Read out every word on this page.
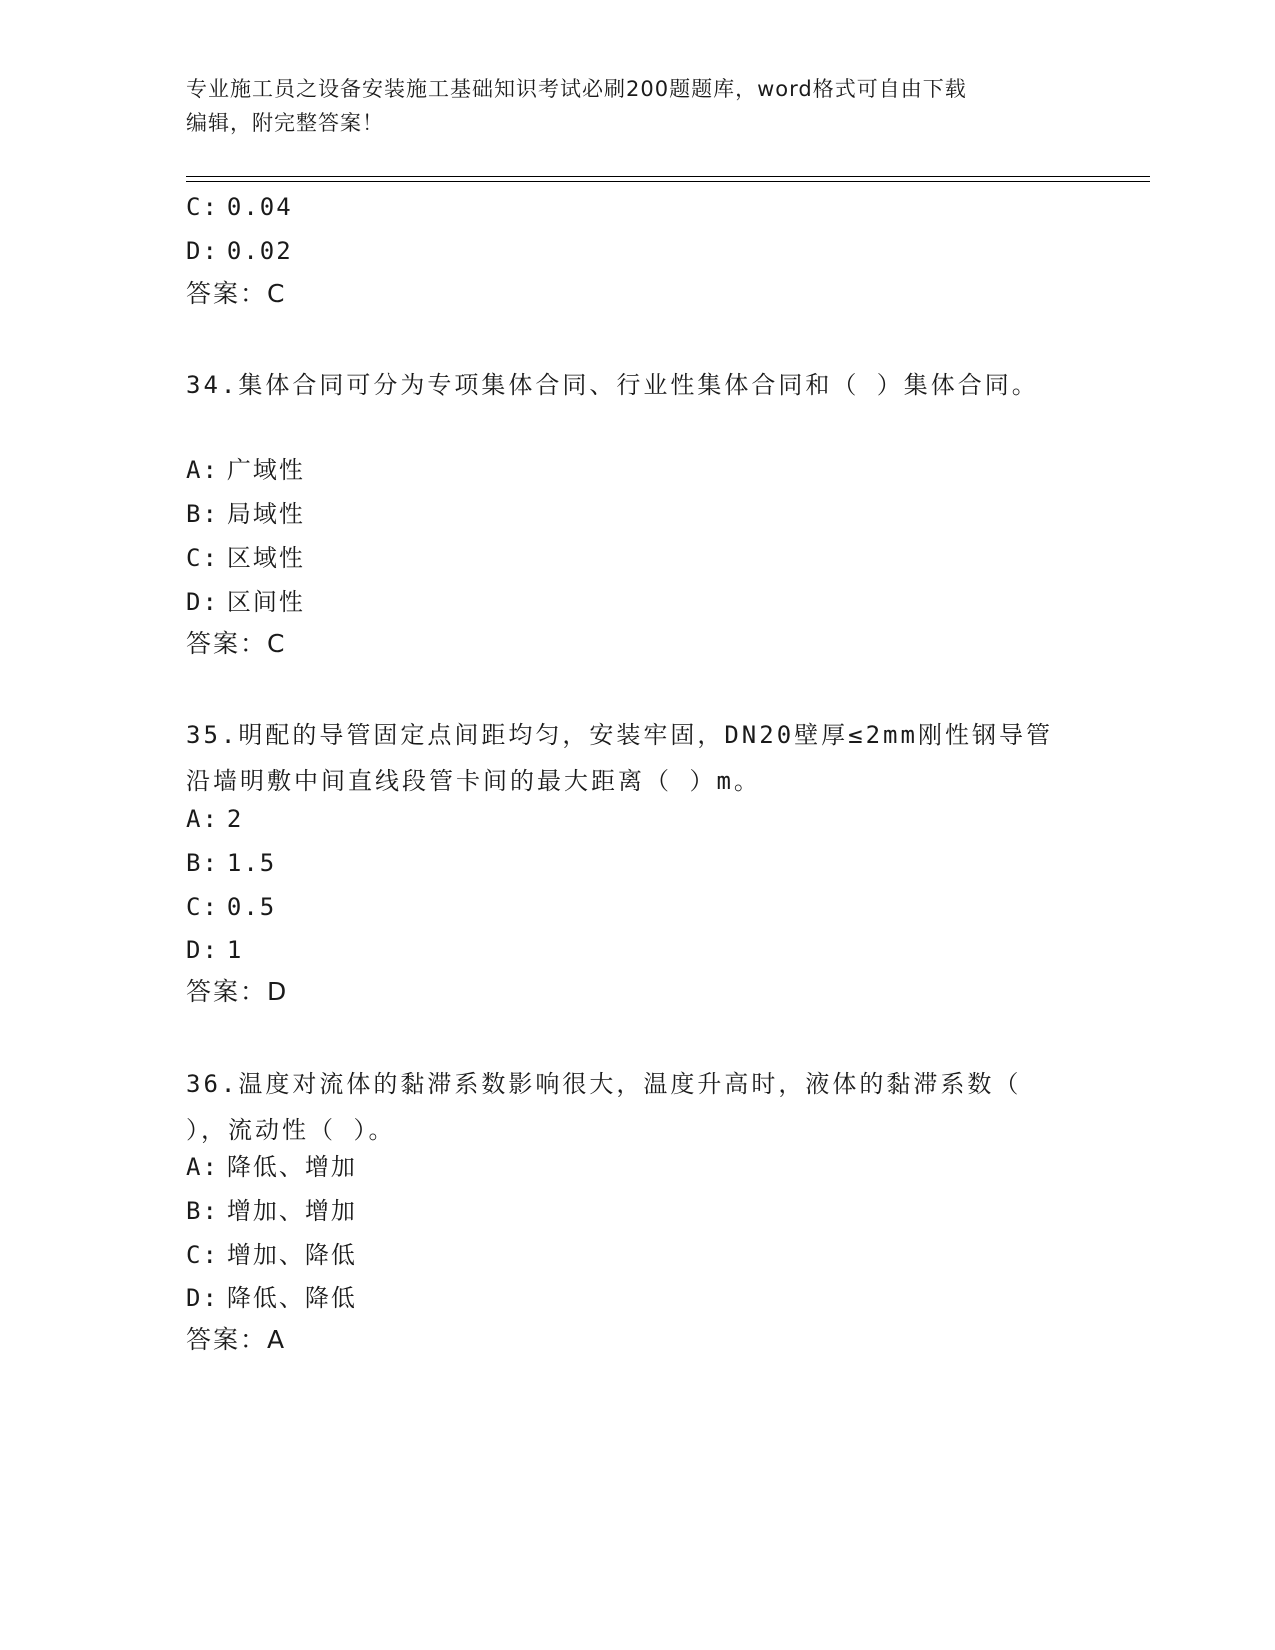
专业施工员之设备安装施工基础知识考试必刷200题题库，word格式可自由下载
编辑，附完整答案！
C: 0.04
D: 0.02
答案：C
34.集体合同可分为专项集体合同、行业性集体合同和（ ）集体合同。
A: 广域性
B: 局域性
C: 区域性
D: 区间性
答案：C
35.明配的导管固定点间距均匀，安装牢固，DN20壁厚≤2mm刚性钢导管沿墙明敷中间直线段管卡间的最大距离（ ）m。
A: 2
B: 1.5
C: 0.5
D: 1
答案：D
36.温度对流体的黏滞系数影响很大，温度升高时，液体的黏滞系数（ ），流动性（ ）。
A: 降低、增加
B: 增加、增加
C: 增加、降低
D: 降低、降低
答案：A
